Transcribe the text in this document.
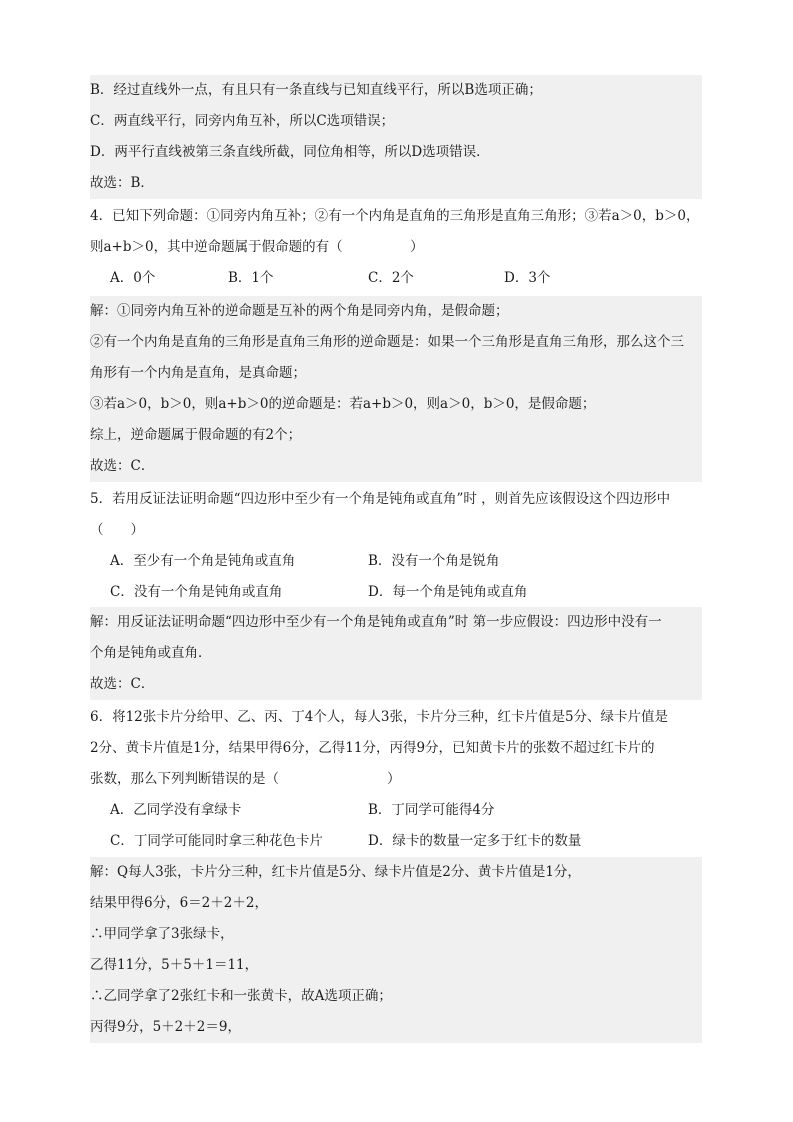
B．经过直线外一点，有且只有一条直线与已知直线平行，所以B选项正确；
C．两直线平行，同旁内角互补，所以C选项错误；
D．两平行直线被第三条直线所截，同位角相等，所以D选项错误．
故选：B．
4．已知下列命题：①同旁内角互补；②有一个内角是直角的三角形是直角三角形；③若a＞0，b＞0，
则a+b＞0，其中逆命题属于假命题的有（　　　　　）
A．0个	B．1个	C．2个	D．3个
解：①同旁内角互补的逆命题是互补的两个角是同旁内角，是假命题；
②有一个内角是直角的三角形是直角三角形的逆命题是：如果一个三角形是直角三角形，那么这个三
角形有一个内角是直角，是真命题；
③若a＞0，b＞0，则a+b＞0的逆命题是：若a+b＞0，则a＞0，b＞0，是假命题；
综上，逆命题属于假命题的有2个；
故选：C．
5．若用反证法证明命题“四边形中至少有一个角是钝角或直角”时 ，则首先应该假设这个四边形中
（　　）
A．至少有一个角是钝角或直角	B．没有一个角是锐角
C．没有一个角是钝角或直角	D．每一个角是钝角或直角
解：用反证法证明命题“四边形中至少有一个角是钝角或直角”时 第一步应假设：四边形中没有一
个角是钝角或直角．
故选：C．
6．将12张卡片分给甲、乙、丙、丁4个人，每人3张，卡片分三种，红卡片值是5分、绿卡片值是
2分、黄卡片值是1分，结果甲得6分，乙得11分，丙得9分，已知黄卡片的张数不超过红卡片的
张数，那么下列判断错误的是（　　　　　　　　）
A．乙同学没有拿绿卡	B．丁同学可能得4分
C．丁同学可能同时拿三种花色卡片	D．绿卡的数量一定多于红卡的数量
解：Q每人3张，卡片分三种，红卡片值是5分、绿卡片值是2分、黄卡片值是1分，
结果甲得6分，6＝2＋2＋2，
∴甲同学拿了3张绿卡，
乙得11分，5＋5＋1＝11，
∴乙同学拿了2张红卡和一张黄卡，故A选项正确；
丙得9分，5＋2＋2＝9，
